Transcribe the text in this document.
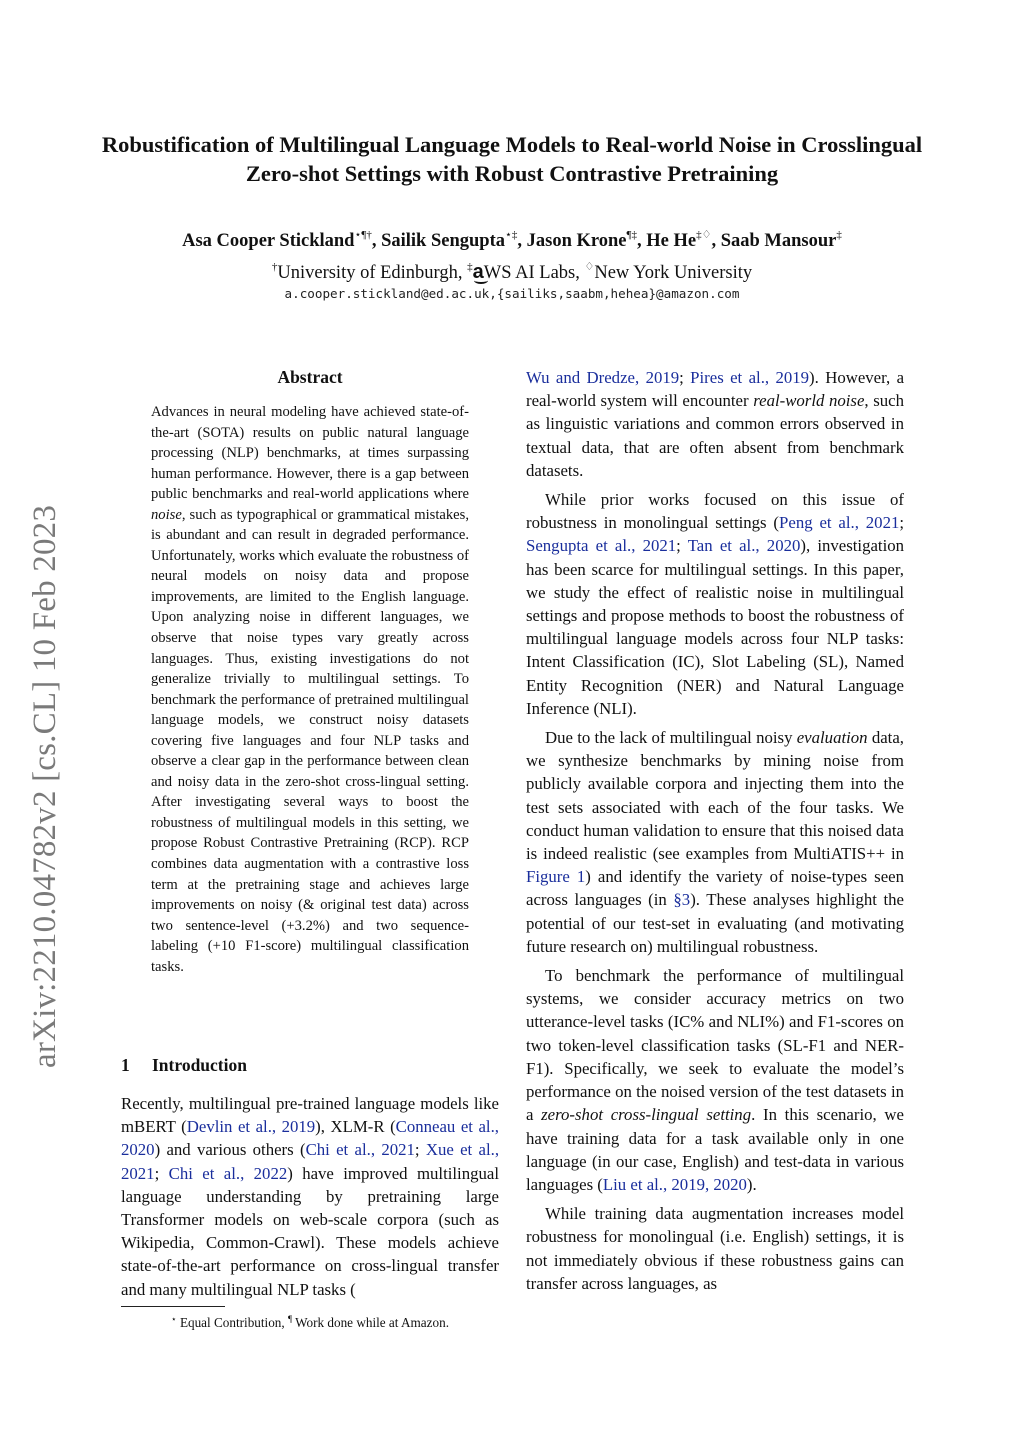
arXiv:2210.04782v2 [cs.CL] 10 Feb 2023
Robustification of Multilingual Language Models to Real-world Noise in Crosslingual Zero-shot Settings with Robust Contrastive Pretraining
Asa Cooper Stickland⋆¶†, Sailik Sengupta⋆‡, Jason Krone¶‡, He He‡♢, Saab Mansour‡
†University of Edinburgh, ‡a
WS AI Labs, ♢New York University
a.cooper.stickland@ed.ac.uk,{sailiks,saabm,hehea}@amazon.com
Abstract
Advances in neural modeling have achieved state-of-the-art (SOTA) results on public natural language processing (NLP) benchmarks, at times surpassing human performance. However, there is a gap between public benchmarks and real-world applications where noise, such as typographical or grammatical mistakes, is abundant and can result in degraded performance. Unfortunately, works which evaluate the robustness of neural models on noisy data and propose improvements, are limited to the English language. Upon analyzing noise in different languages, we observe that noise types vary greatly across languages. Thus, existing investigations do not generalize trivially to multilingual settings. To benchmark the performance of pretrained multilingual language models, we construct noisy datasets covering five languages and four NLP tasks and observe a clear gap in the performance between clean and noisy data in the zero-shot cross-lingual setting. After investigating several ways to boost the robustness of multilingual models in this setting, we propose Robust Contrastive Pretraining (RCP). RCP combines data augmentation with a contrastive loss term at the pretraining stage and achieves large improvements on noisy (& original test data) across two sentence-level (+3.2%) and two sequence-labeling (+10 F1-score) multilingual classification tasks.
1 Introduction

Recently, multilingual pre-trained language models like mBERT (Devlin et al., 2019), XLM-R (Conneau et al., 2020) and various others (Chi et al., 2021; Xue et al., 2021; Chi et al., 2022) have improved multilingual language understanding by pretraining large Transformer models on web-scale corpora (such as Wikipedia, Common-Crawl). These models achieve state-of-the-art performance on cross-lingual transfer and many multilingual NLP tasks (

Wu and Dredze, 2019; Pires et al., 2019). However, a real-world system will encounter real-world noise, such as linguistic variations and common errors observed in textual data, that are often absent from benchmark datasets.

While prior works focused on this issue of robustness in monolingual settings (Peng et al., 2021; Sengupta et al., 2021; Tan et al., 2020), investigation has been scarce for multilingual settings. In this paper, we study the effect of realistic noise in multilingual settings and propose methods to boost the robustness of multilingual language models across four NLP tasks: Intent Classification (IC), Slot Labeling (SL), Named Entity Recognition (NER) and Natural Language Inference (NLI).

Due to the lack of multilingual noisy evaluation data, we synthesize benchmarks by mining noise from publicly available corpora and injecting them into the test sets associated with each of the four tasks. We conduct human validation to ensure that this noised data is indeed realistic (see examples from MultiATIS++ in Figure 1) and identify the variety of noise-types seen across languages (in §3). These analyses highlight the potential of our test-set in evaluating (and motivating future research on) multilingual robustness.

To benchmark the performance of multilingual systems, we consider accuracy metrics on two utterance-level tasks (IC% and NLI%) and F1-scores on two token-level classification tasks (SL-F1 and NER-F1). Specifically, we seek to evaluate the model’s performance on the noised version of the test datasets in a zero-shot cross-lingual setting. In this scenario, we have training data for a task available only in one language (in our case, English) and test-data in various languages (Liu et al., 2019, 2020).

While training data augmentation increases model robustness for monolingual (i.e. English) settings, it is not immediately obvious if these robustness gains can transfer across languages, as

⋆ Equal Contribution, ¶ Work done while at Amazon.
